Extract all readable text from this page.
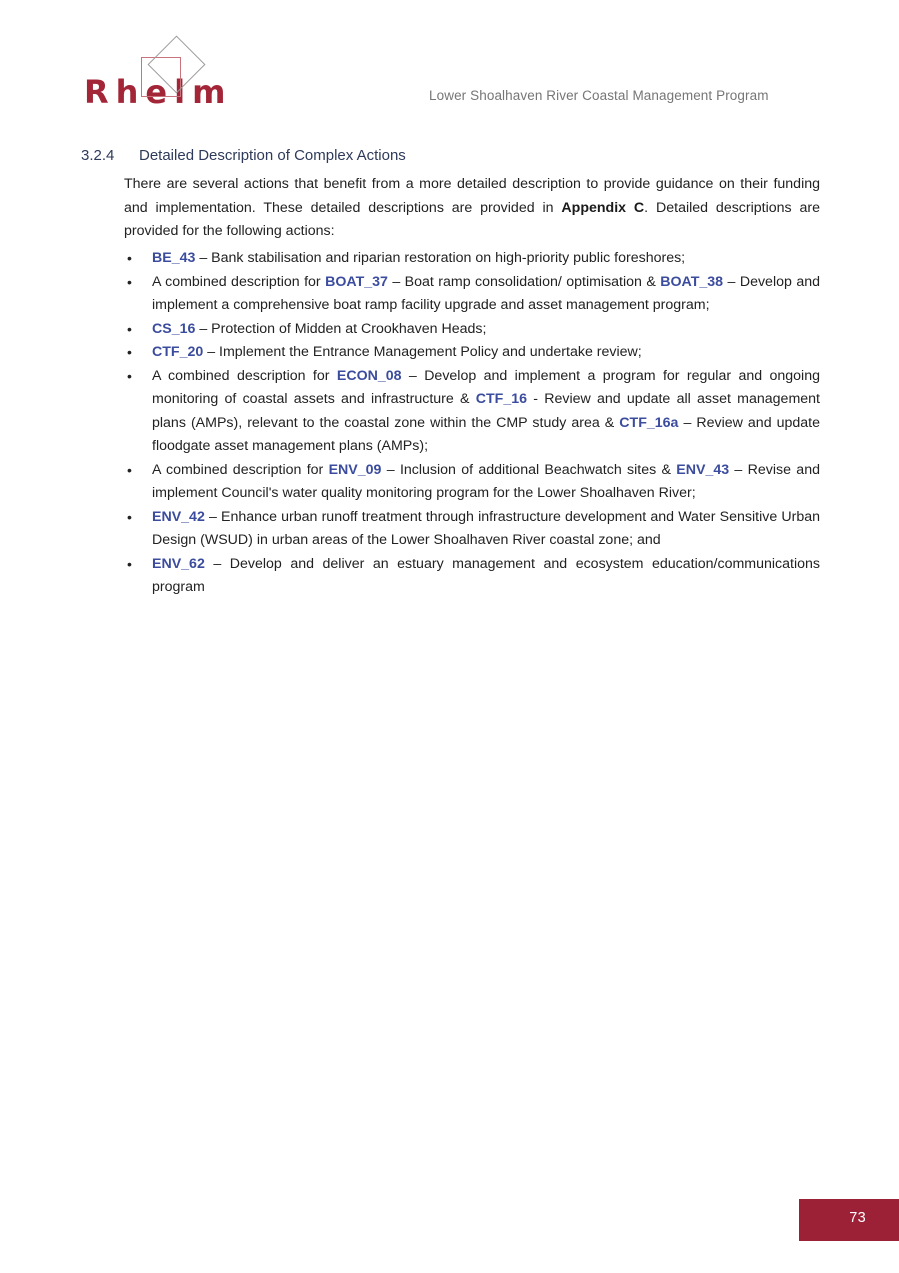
Rhelm	Lower Shoalhaven River Coastal Management Program
3.2.4 Detailed Description of Complex Actions
There are several actions that benefit from a more detailed description to provide guidance on their funding and implementation. These detailed descriptions are provided in Appendix C. Detailed descriptions are provided for the following actions:
• BE_43 – Bank stabilisation and riparian restoration on high-priority public foreshores;
• A combined description for BOAT_37 – Boat ramp consolidation/ optimisation & BOAT_38 – Develop and implement a comprehensive boat ramp facility upgrade and asset management program;
• CS_16 – Protection of Midden at Crookhaven Heads;
• CTF_20 – Implement the Entrance Management Policy and undertake review;
• A combined description for ECON_08 – Develop and implement a program for regular and ongoing monitoring of coastal assets and infrastructure & CTF_16 - Review and update all asset management plans (AMPs), relevant to the coastal zone within the CMP study area & CTF_16a – Review and update floodgate asset management plans (AMPs);
• A combined description for ENV_09 – Inclusion of additional Beachwatch sites & ENV_43 – Revise and implement Council's water quality monitoring program for the Lower Shoalhaven River;
• ENV_42 – Enhance urban runoff treatment through infrastructure development and Water Sensitive Urban Design (WSUD) in urban areas of the Lower Shoalhaven River coastal zone; and
• ENV_62 – Develop and deliver an estuary management and ecosystem education/communications program
73
